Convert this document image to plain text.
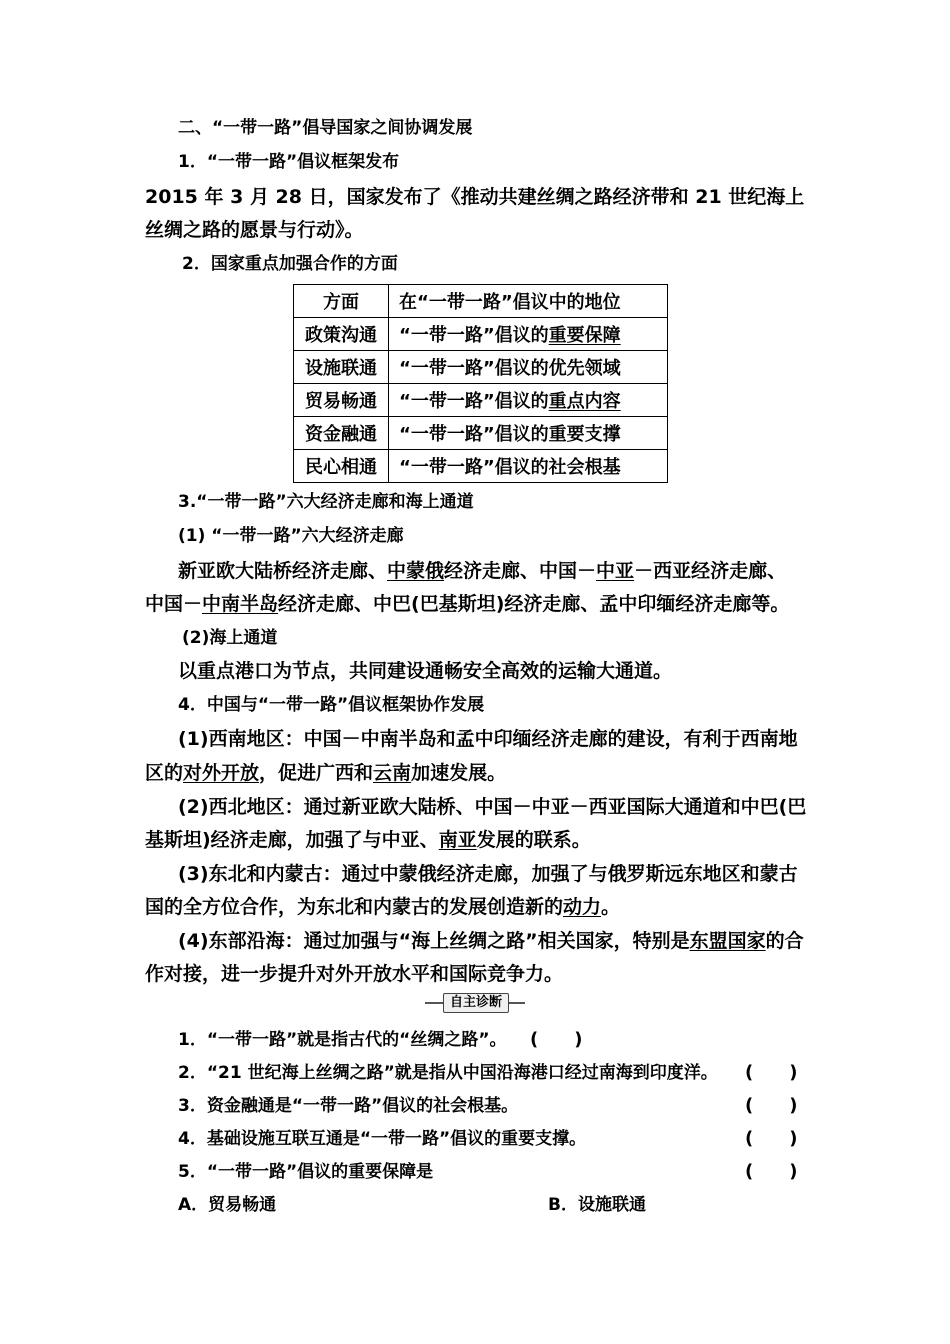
二、“一带一路”倡导国家之间协调发展
1．“一带一路”倡议框架发布
2015 年 3 月 28 日，国家发布了《推动共建丝绸之路经济带和 21 世纪海上
丝绸之路的愿景与行动》。
2．国家重点加强合作的方面
方面	在“一带一路”倡议中的地位
政策沟通	“一带一路”倡议的重要保障
设施联通	“一带一路”倡议的优先领域
贸易畅通	“一带一路”倡议的重点内容
资金融通	“一带一路”倡议的重要支撑
民心相通	“一带一路”倡议的社会根基
3.“一带一路”六大经济走廊和海上通道
(1) “一带一路”六大经济走廊
新亚欧大陆桥经济走廊、中蒙俄经济走廊、中国－中亚－西亚经济走廊、
中国－中南半岛经济走廊、中巴(巴基斯坦)经济走廊、孟中印缅经济走廊等。
(2)海上通道
以重点港口为节点，共同建设通畅安全高效的运输大通道。
4．中国与“一带一路”倡议框架协作发展
(1)西南地区：中国－中南半岛和孟中印缅经济走廊的建设，有利于西南地
区的对外开放，促进广西和云南加速发展。
(2)西北地区：通过新亚欧大陆桥、中国－中亚－西亚国际大通道和中巴(巴
基斯坦)经济走廊，加强了与中亚、南亚发展的联系。
(3)东北和内蒙古：通过中蒙俄经济走廊，加强了与俄罗斯远东地区和蒙古
国的全方位合作，为东北和内蒙古的发展创造新的动力。
(4)东部沿海：通过加强与“海上丝绸之路”相关国家，特别是东盟国家的合
作对接，进一步提升对外开放水平和国际竞争力。
自主诊断
1．“一带一路”就是指古代的“丝绸之路”。 (　　)
2．“21 世纪海上丝绸之路”就是指从中国沿海港口经过南海到印度洋。 (　　)
3．资金融通是“一带一路”倡议的社会根基。	(　　)
4．基础设施互联互通是“一带一路”倡议的重要支撑。	(　　)
5．“一带一路”倡议的重要保障是	(　　)
A．贸易畅通	B．设施联通
